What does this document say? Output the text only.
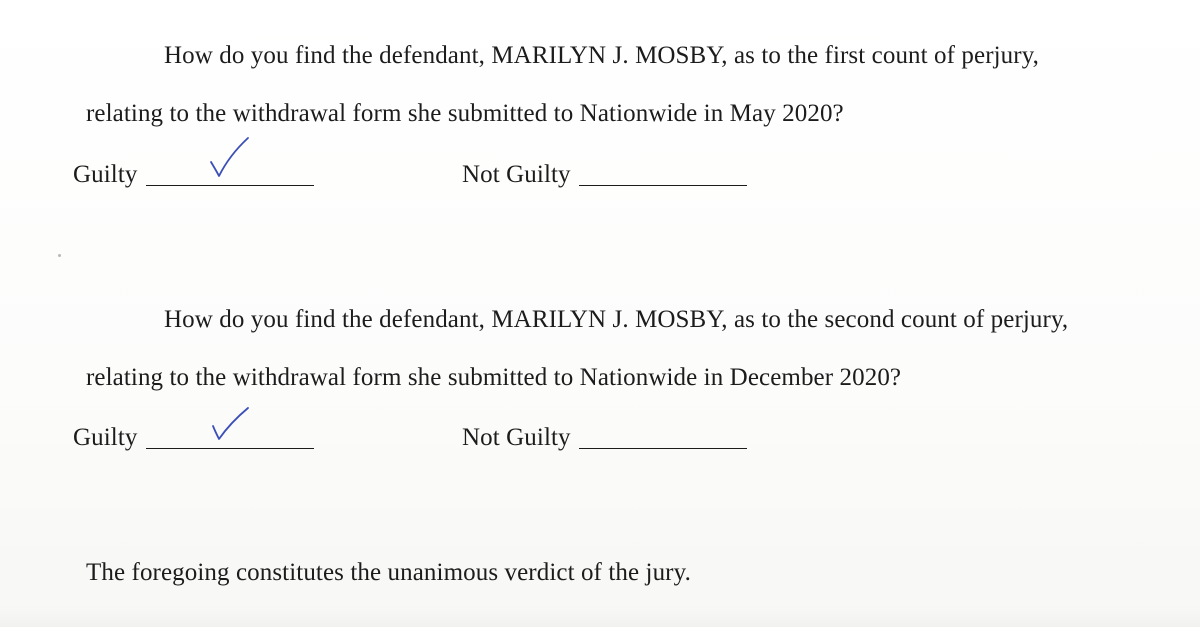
How do you find the defendant, MARILYN J. MOSBY, as to the first count of perjury,
relating to the withdrawal form she submitted to Nationwide in May 2020?
Guilty	Not Guilty
How do you find the defendant, MARILYN J. MOSBY, as to the second count of perjury,
relating to the withdrawal form she submitted to Nationwide in December 2020?
Guilty	Not Guilty
The foregoing constitutes the unanimous verdict of the jury.
